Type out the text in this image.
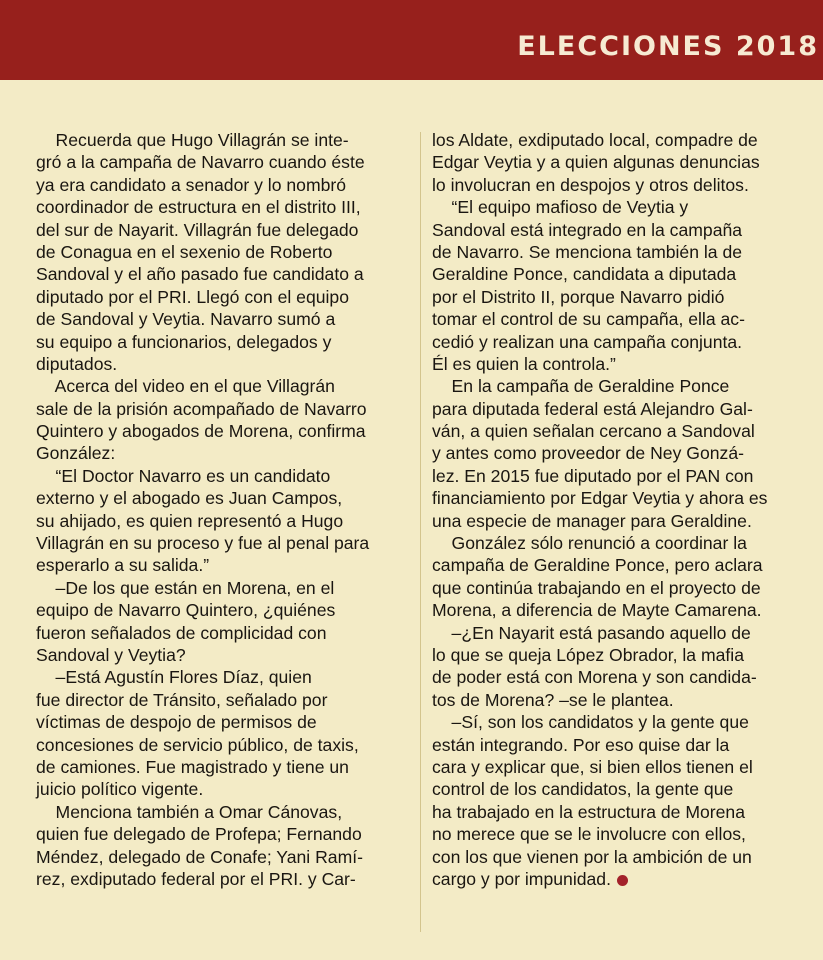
ELECCIONES 2018
Recuerda que Hugo Villagrán se inte-
gró a la campaña de Navarro cuando éste
ya era candidato a senador y lo nombró
coordinador de estructura en el distrito III,
del sur de Nayarit. Villagrán fue delegado
de Conagua en el sexenio de Roberto
Sandoval y el año pasado fue candidato a
diputado por el PRI. Llegó con el equipo
de Sandoval y Veytia. Navarro sumó a
su equipo a funcionarios, delegados y
diputados.
Acerca del video en el que Villagrán
sale de la prisión acompañado de Navarro
Quintero y abogados de Morena, confirma
González:
“El Doctor Navarro es un candidato
externo y el abogado es Juan Campos,
su ahijado, es quien representó a Hugo
Villagrán en su proceso y fue al penal para
esperarlo a su salida.”
–De los que están en Morena, en el
equipo de Navarro Quintero, ¿quiénes
fueron señalados de complicidad con
Sandoval y Veytia?
–Está Agustín Flores Díaz, quien
fue director de Tránsito, señalado por
víctimas de despojo de permisos de
concesiones de servicio público, de taxis,
de camiones. Fue magistrado y tiene un
juicio político vigente.
Menciona también a Omar Cánovas,
quien fue delegado de Profepa; Fernando
Méndez, delegado de Conafe; Yani Ramí-
rez, exdiputado federal por el PRI. y Car-
los Aldate, exdiputado local, compadre de
Edgar Veytia y a quien algunas denuncias
lo involucran en despojos y otros delitos.
“El equipo mafioso de Veytia y
Sandoval está integrado en la campaña
de Navarro. Se menciona también la de
Geraldine Ponce, candidata a diputada
por el Distrito II, porque Navarro pidió
tomar el control de su campaña, ella ac-
cedió y realizan una campaña conjunta.
Él es quien la controla.”
En la campaña de Geraldine Ponce
para diputada federal está Alejandro Gal-
ván, a quien señalan cercano a Sandoval
y antes como proveedor de Ney Gonzá-
lez. En 2015 fue diputado por el PAN con
financiamiento por Edgar Veytia y ahora es
una especie de manager para Geraldine.
González sólo renunció a coordinar la
campaña de Geraldine Ponce, pero aclara
que continúa trabajando en el proyecto de
Morena, a diferencia de Mayte Camarena.
–¿En Nayarit está pasando aquello de
lo que se queja López Obrador, la mafia
de poder está con Morena y son candida-
tos de Morena? –se le plantea.
–Sí, son los candidatos y la gente que
están integrando. Por eso quise dar la
cara y explicar que, si bien ellos tienen el
control de los candidatos, la gente que
ha trabajado en la estructura de Morena
no merece que se le involucre con ellos,
con los que vienen por la ambición de un
cargo y por impunidad.
